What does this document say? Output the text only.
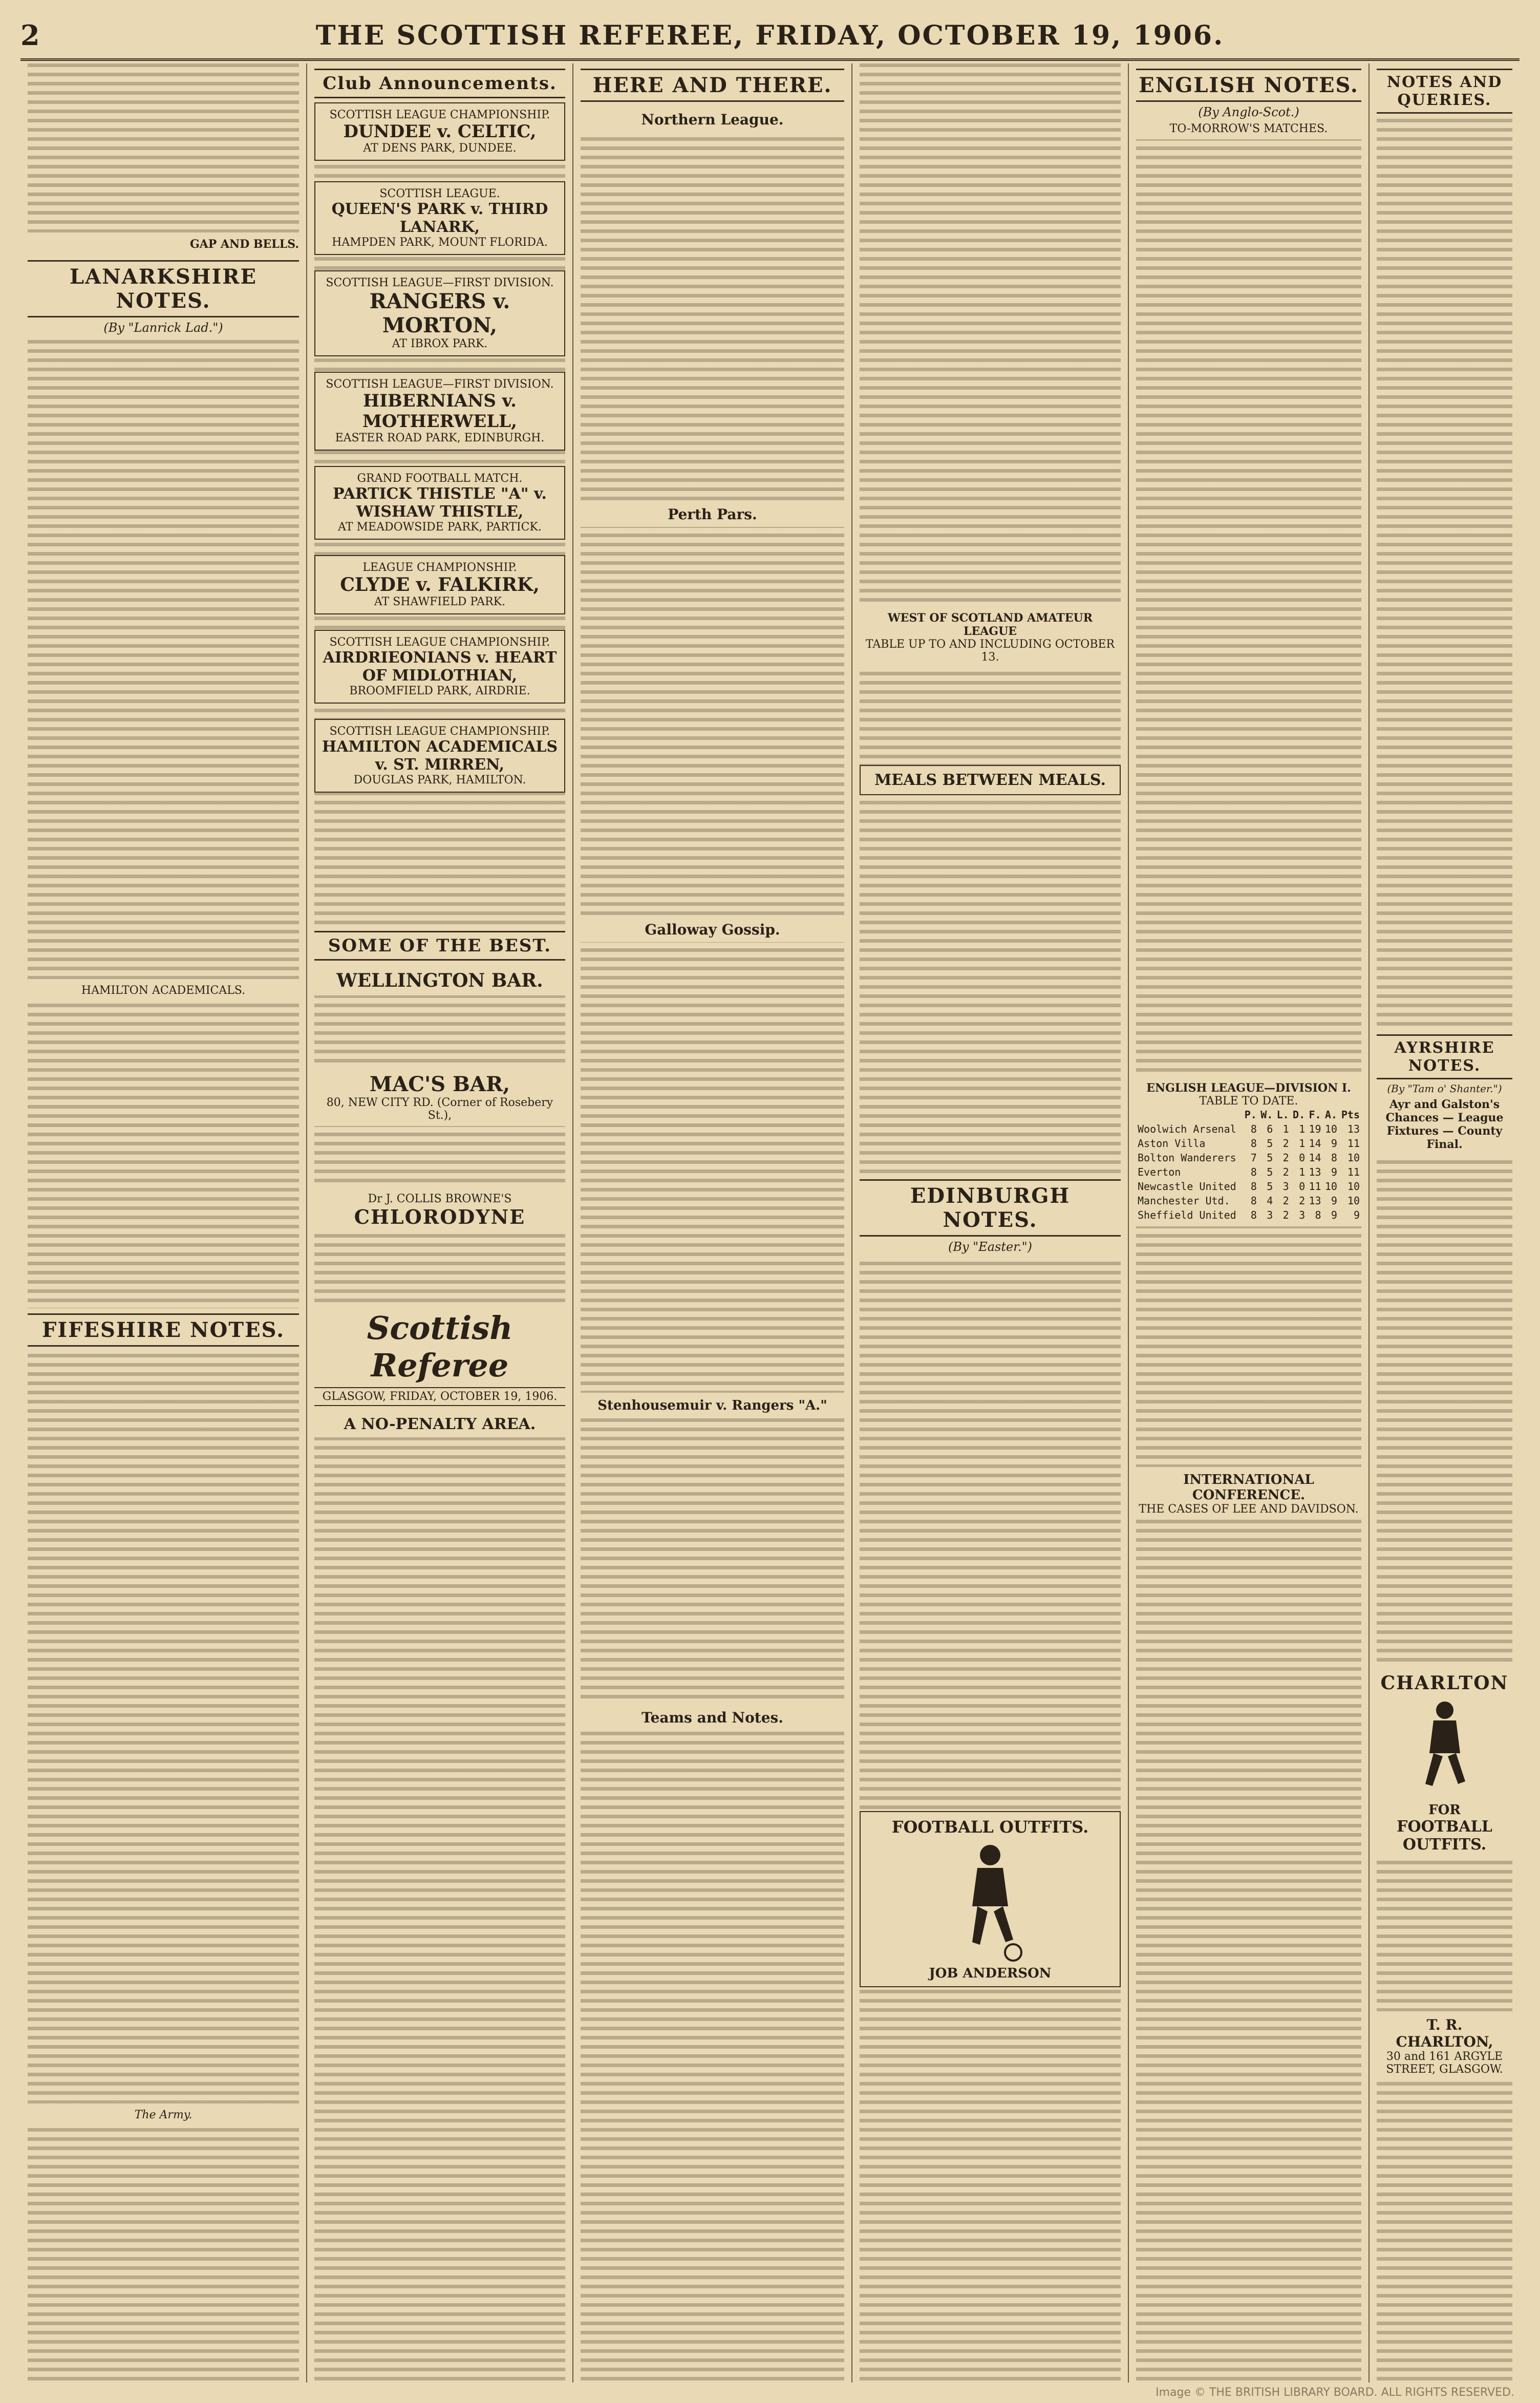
2	THE SCOTTISH REFEREE, FRIDAY, OCTOBER 19, 1906.
GAP AND BELLS.
LANARKSHIRE NOTES.
(By "Lanrick Lad.")
HAMILTON ACADEMICALS.
FIFESHIRE NOTES.
The Army.
Club Announcements.
SCOTTISH LEAGUE CHAMPIONSHIP.
DUNDEE v. CELTIC,
AT DENS PARK, DUNDEE.
SCOTTISH LEAGUE.
QUEEN'S PARK v. THIRD LANARK,
HAMPDEN PARK, MOUNT FLORIDA.
SCOTTISH LEAGUE—FIRST DIVISION.
RANGERS v. MORTON,
AT IBROX PARK.
SCOTTISH LEAGUE—FIRST DIVISION.
HIBERNIANS v. MOTHERWELL,
EASTER ROAD PARK, EDINBURGH.
GRAND FOOTBALL MATCH.
PARTICK THISTLE "A" v. WISHAW THISTLE,
AT MEADOWSIDE PARK, PARTICK.
LEAGUE CHAMPIONSHIP.
CLYDE v. FALKIRK,
AT SHAWFIELD PARK.
SCOTTISH LEAGUE CHAMPIONSHIP.
AIRDRIEONIANS v. HEART OF MIDLOTHIAN,
BROOMFIELD PARK, AIRDRIE.
SCOTTISH LEAGUE CHAMPIONSHIP.
HAMILTON ACADEMICALS v. ST. MIRREN,
DOUGLAS PARK, HAMILTON.
SOME OF THE BEST.
WELLINGTON BAR.
MAC'S BAR,
80, NEW CITY RD. (Corner of Rosebery St.),
Dr J. COLLIS BROWNE'S
CHLORODYNE
Scottish Referee
GLASGOW, FRIDAY, OCTOBER 19, 1906.
A NO-PENALTY AREA.
HERE AND THERE.
Northern League.
Perth Pars.
Galloway Gossip.
Stenhousemuir v. Rangers "A."
Teams and Notes.
WEST OF SCOTLAND AMATEUR LEAGUE
TABLE UP TO AND INCLUDING OCTOBER 13.
MEALS BETWEEN MEALS.
EDINBURGH NOTES.
(By "Easter.")
FOOTBALL OUTFITS.
JOB ANDERSON
ENGLISH NOTES.
(By Anglo-Scot.)
TO-MORROW'S MATCHES.
ENGLISH LEAGUE—DIVISION I.
TABLE TO DATE.
	P.	W.	L.	D.	F.	A.	Pts
Woolwich Arsenal	8	6	1	1	19	10	13
Aston Villa	8	5	2	1	14	9	11
Bolton Wanderers	7	5	2	0	14	8	10
Everton	8	5	2	1	13	9	11
Newcastle United	8	5	3	0	11	10	10
Manchester Utd.	8	4	2	2	13	9	10
Sheffield United	8	3	2	3	8	9	9
INTERNATIONAL CONFERENCE.
THE CASES OF LEE AND DAVIDSON.
NOTES AND QUERIES.
AYRSHIRE NOTES.
(By "Tam o' Shanter.")
Ayr and Galston's Chances — League Fixtures — County Final.
CHARLTON
FOR
FOOTBALL OUTFITS.
T. R. CHARLTON,
30 and 161 ARGYLE STREET, GLASGOW.
Image © THE BRITISH LIBRARY BOARD. ALL RIGHTS RESERVED.
